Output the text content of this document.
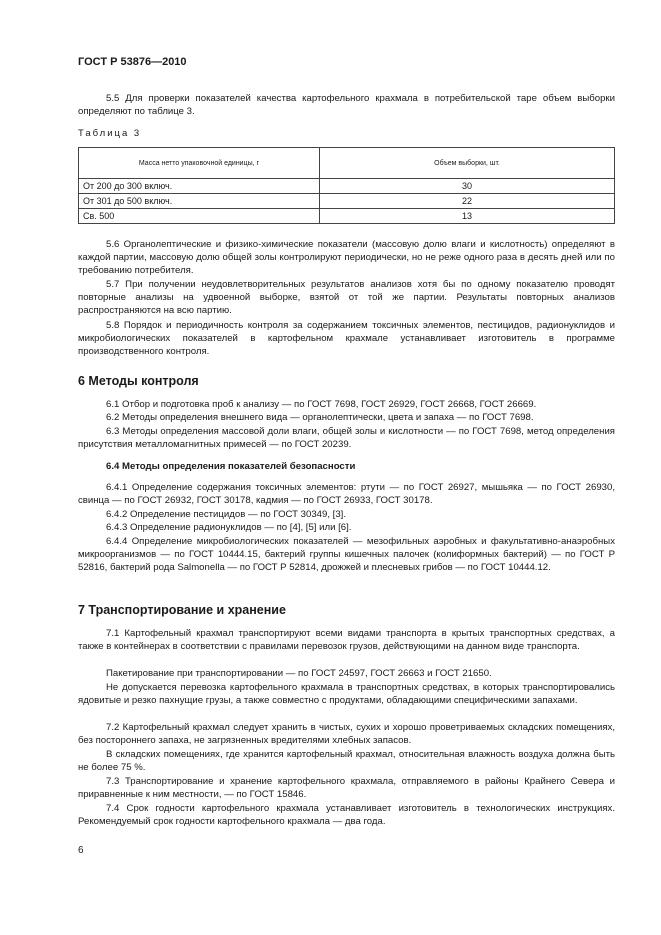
ГОСТ Р 53876—2010
5.5 Для проверки показателей качества картофельного крахмала в потребительской таре объем выборки определяют по таблице 3.
Таблица 3
Масса нетто упаковочной единицы, г	Объем выборки, шт.
От 200 до 300 включ.	30
От 301 до 500 включ.	22
Св. 500	13
5.6 Органолептические и физико-химические показатели (массовую долю влаги и кислотность) определяют в каждой партии, массовую долю общей золы контролируют периодически, но не реже одного раза в десять дней или по требованию потребителя.
5.7 При получении неудовлетворительных результатов анализов хотя бы по одному показателю проводят повторные анализы на удвоенной выборке, взятой от той же партии. Результаты повторных анализов распространяются на всю партию.
5.8 Порядок и периодичность контроля за содержанием токсичных элементов, пестицидов, радионуклидов и микробиологических показателей в картофельном крахмале устанавливает изготовитель в программе производственного контроля.
6 Методы контроля
6.1 Отбор и подготовка проб к анализу — по ГОСТ 7698, ГОСТ 26929, ГОСТ 26668, ГОСТ 26669.
6.2 Методы определения внешнего вида — органолептически, цвета и запаха — по ГОСТ 7698.
6.3 Методы определения массовой доли влаги, общей золы и кислотности — по ГОСТ 7698, метод определения присутствия металломагнитных примесей — по ГОСТ 20239.
6.4 Методы определения показателей безопасности
6.4.1 Определение содержания токсичных элементов: ртути — по ГОСТ 26927, мышьяка — по ГОСТ 26930, свинца — по ГОСТ 26932, ГОСТ 30178, кадмия — по ГОСТ 26933, ГОСТ 30178.
6.4.2 Определение пестицидов — по ГОСТ 30349, [3].
6.4.3 Определение радионуклидов — по [4], [5] или [6].
6.4.4 Определение микробиологических показателей — мезофильных аэробных и факультативно-анаэробных микроорганизмов — по ГОСТ 10444.15, бактерий группы кишечных палочек (колиформных бактерий) — по ГОСТ Р 52816, бактерий рода Salmonella — по ГОСТ Р 52814, дрожжей и плесневых грибов — по ГОСТ 10444.12.
7 Транспортирование и хранение
7.1 Картофельный крахмал транспортируют всеми видами транспорта в крытых транспортных средствах, а также в контейнерах в соответствии с правилами перевозок грузов, действующими на данном виде транспорта.
Пакетирование при транспортировании — по ГОСТ 24597, ГОСТ 26663 и ГОСТ 21650.
Не допускается перевозка картофельного крахмала в транспортных средствах, в которых транспортировались ядовитые и резко пахнущие грузы, а также совместно с продуктами, обладающими специфическими запахами.
7.2 Картофельный крахмал следует хранить в чистых, сухих и хорошо проветриваемых складских помещениях, без постороннего запаха, не загрязненных вредителями хлебных запасов.
В складских помещениях, где хранится картофельный крахмал, относительная влажность воздуха должна быть не более 75 %.
7.3 Транспортирование и хранение картофельного крахмала, отправляемого в районы Крайнего Севера и приравненные к ним местности, — по ГОСТ 15846.
7.4 Срок годности картофельного крахмала устанавливает изготовитель в технологических инструкциях. Рекомендуемый срок годности картофельного крахмала — два года.
6
